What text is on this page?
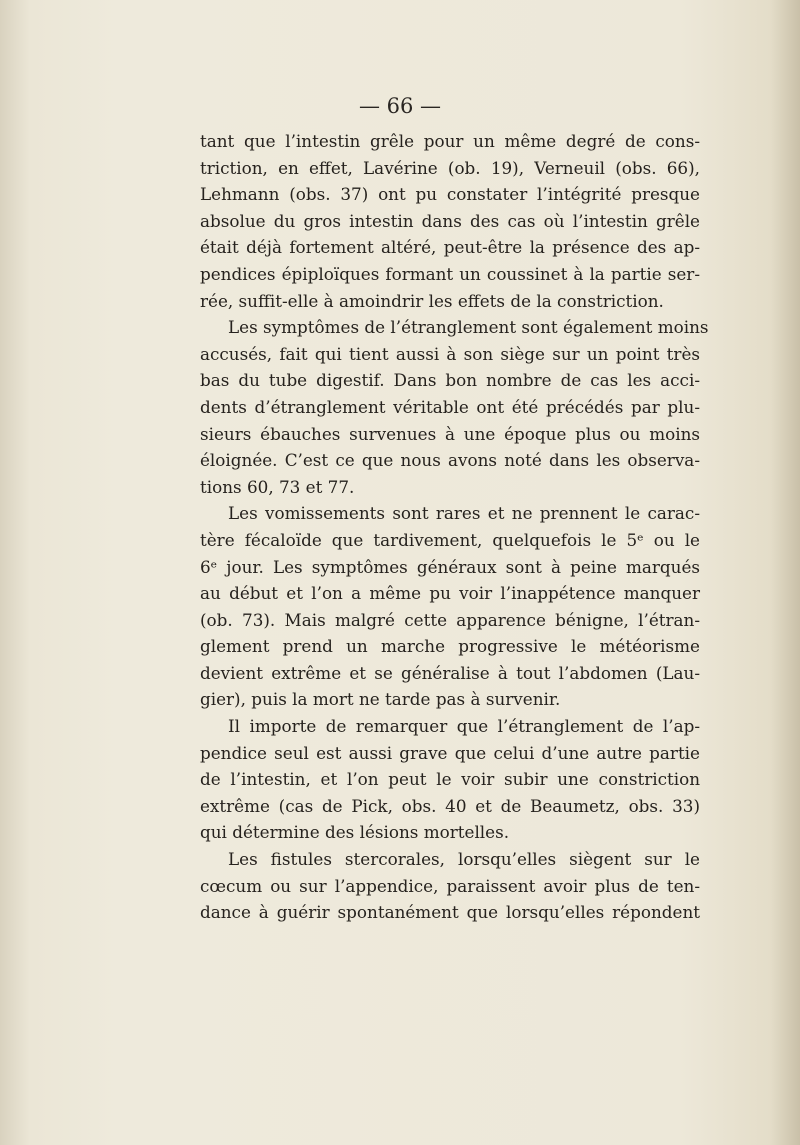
— 66 —
tant que l’intestin grêle pour un même degré de cons-
triction, en effet, Lavérine (ob. 19), Verneuil (obs. 66),
Lehmann (obs. 37) ont pu constater l’intégrité presque
absolue du gros intestin dans des cas où l’intestin grêle
était déjà fortement altéré, peut-être la présence des ap-
pendices épiploïques formant un coussinet à la partie ser-
rée, suffit-elle à amoindrir les effets de la constriction.
Les symptômes de l’étranglement sont également moins
accusés, fait qui tient aussi à son siège sur un point très
bas du tube digestif. Dans bon nombre de cas les acci-
dents d’étranglement véritable ont été précédés par plu-
sieurs ébauches survenues à une époque plus ou moins
éloignée. C’est ce que nous avons noté dans les observa-
tions 60, 73 et 77.
Les vomissements sont rares et ne prennent le carac-
tère fécaloïde que tardivement, quelquefois le 5ᵉ ou le
6ᵉ jour. Les symptômes généraux sont à peine marqués
au début et l’on a même pu voir l’inappétence manquer
(ob. 73). Mais malgré cette apparence bénigne, l’étran-
glement prend un marche progressive le météorisme
devient extrême et se généralise à tout l’abdomen (Lau-
gier), puis la mort ne tarde pas à survenir.
Il importe de remarquer que l’étranglement de l’ap-
pendice seul est aussi grave que celui d’une autre partie
de l’intestin, et l’on peut le voir subir une constriction
extrême (cas de Pick, obs. 40 et de Beaumetz, obs. 33)
qui détermine des lésions mortelles.
Les fistules stercorales, lorsqu’elles siègent sur le
cœcum ou sur l’appendice, paraissent avoir plus de ten-
dance à guérir spontanément que lorsqu’elles répondent
